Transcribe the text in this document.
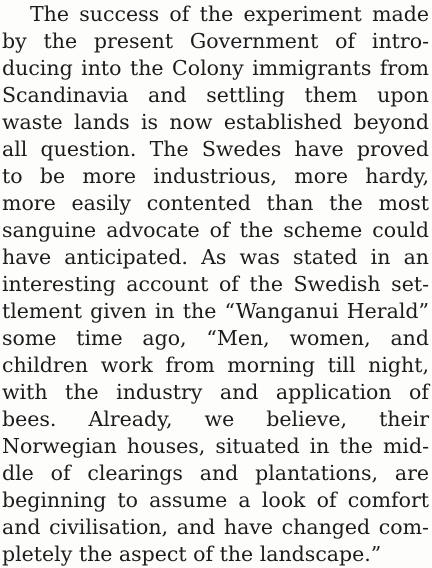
The success of the experiment made
by the present Government of intro-
ducing into the Colony immigrants from
Scandinavia and settling them upon
waste lands is now established beyond
all question. The Swedes have proved
to be more industrious, more hardy,
more easily contented than the most
sanguine advocate of the scheme could
have anticipated. As was stated in an
interesting account of the Swedish set-
tlement given in the “Wanganui Herald”
some time ago, “Men, women, and
children work from morning till night,
with the industry and application of
bees. Already, we believe, their
Norwegian houses, situated in the mid-
dle of clearings and plantations, are
beginning to assume a look of comfort
and civilisation, and have changed com-
pletely the aspect of the landscape.”
